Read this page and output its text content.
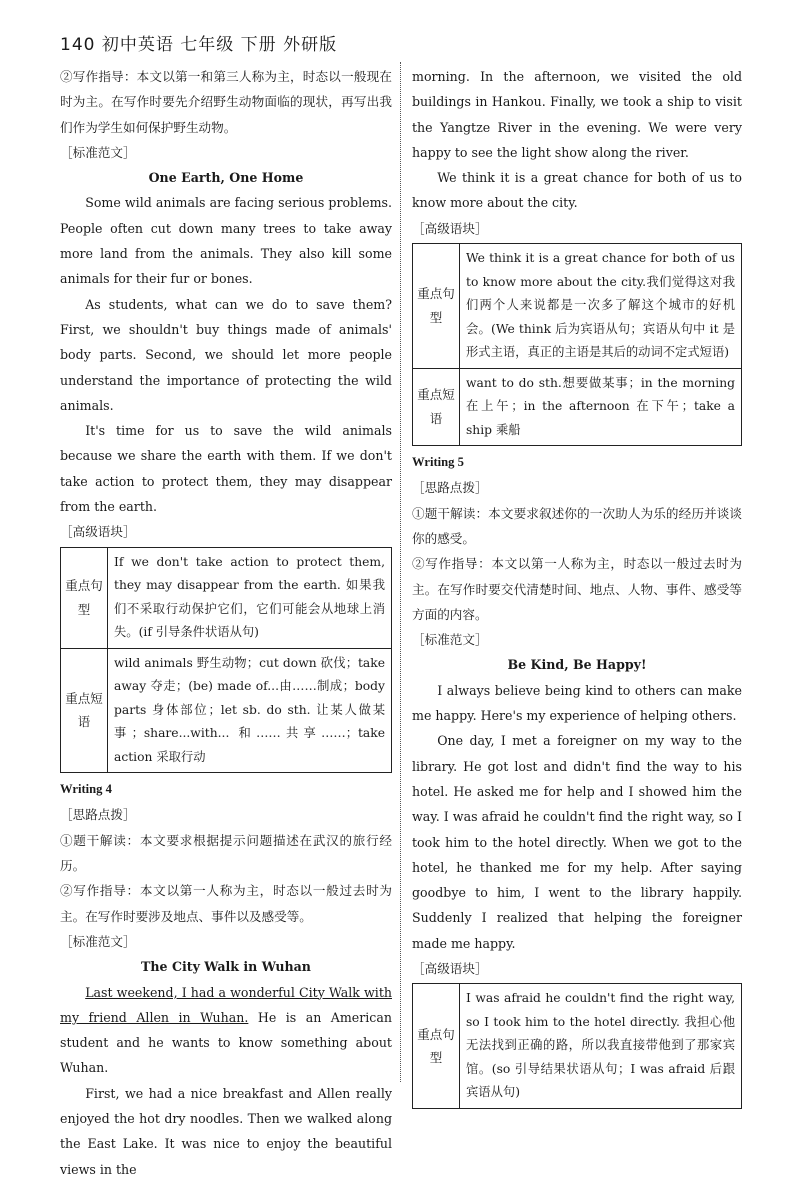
140 初中英语 七年级 下册 外研版

②写作指导：本文以第一和第三人称为主，时态以一般现在时为主。在写作时要先介绍野生动物面临的现状，再写出我们作为学生如何保护野生动物。

［标准范文］

One Earth, One Home

Some wild animals are facing serious problems. People often cut down many trees to take away more land from the animals. They also kill some animals for their fur or bones.

As students, what can we do to save them? First, we shouldn't buy things made of animals' body parts. Second, we should let more people understand the importance of protecting the wild animals.

It's time for us to save the wild animals because we share the earth with them. If we don't take action to protect them, they may disappear from the earth.

［高级语块］

重点句型	If we don't take action to protect them, they may disappear from the earth. 如果我们不采取行动保护它们，它们可能会从地球上消失。(if 引导条件状语从句)
重点短语	wild animals 野生动物；cut down 砍伐；take away 夺走；(be) made of...由……制成；body parts 身体部位；let sb. do sth. 让某人做某事；share...with... 和……共享……；take action 采取行动

Writing 4

［思路点拨］

①题干解读：本文要求根据提示问题描述在武汉的旅行经历。

②写作指导：本文以第一人称为主，时态以一般过去时为主。在写作时要涉及地点、事件以及感受等。

［标准范文］

The City Walk in Wuhan

Last weekend, I had a wonderful City Walk with my friend Allen in Wuhan. He is an American student and he wants to know something about Wuhan.

First, we had a nice breakfast and Allen really enjoyed the hot dry noodles. Then we walked along the East Lake. It was nice to enjoy the beautiful views in the

morning. In the afternoon, we visited the old buildings in Hankou. Finally, we took a ship to visit the Yangtze River in the evening. We were very happy to see the light show along the river.

We think it is a great chance for both of us to know more about the city.

［高级语块］

重点句型	We think it is a great chance for both of us to know more about the city.我们觉得这对我们两个人来说都是一次多了解这个城市的好机会。(We think 后为宾语从句；宾语从句中 it 是形式主语，真正的主语是其后的动词不定式短语)
重点短语	want to do sth.想要做某事；in the morning 在上午；in the afternoon 在下午；take a ship 乘船

Writing 5

［思路点拨］

①题干解读：本文要求叙述你的一次助人为乐的经历并谈谈你的感受。

②写作指导：本文以第一人称为主，时态以一般过去时为主。在写作时要交代清楚时间、地点、人物、事件、感受等方面的内容。

［标准范文］

Be Kind, Be Happy!

I always believe being kind to others can make me happy. Here's my experience of helping others.

One day, I met a foreigner on my way to the library. He got lost and didn't find the way to his hotel. He asked me for help and I showed him the way. I was afraid he couldn't find the right way, so I took him to the hotel directly. When we got to the hotel, he thanked me for my help. After saying goodbye to him, I went to the library happily. Suddenly I realized that helping the foreigner made me happy.

［高级语块］

重点句型	I was afraid he couldn't find the right way, so I took him to the hotel directly. 我担心他无法找到正确的路，所以我直接带他到了那家宾馆。(so 引导结果状语从句；I was afraid 后跟宾语从句)
